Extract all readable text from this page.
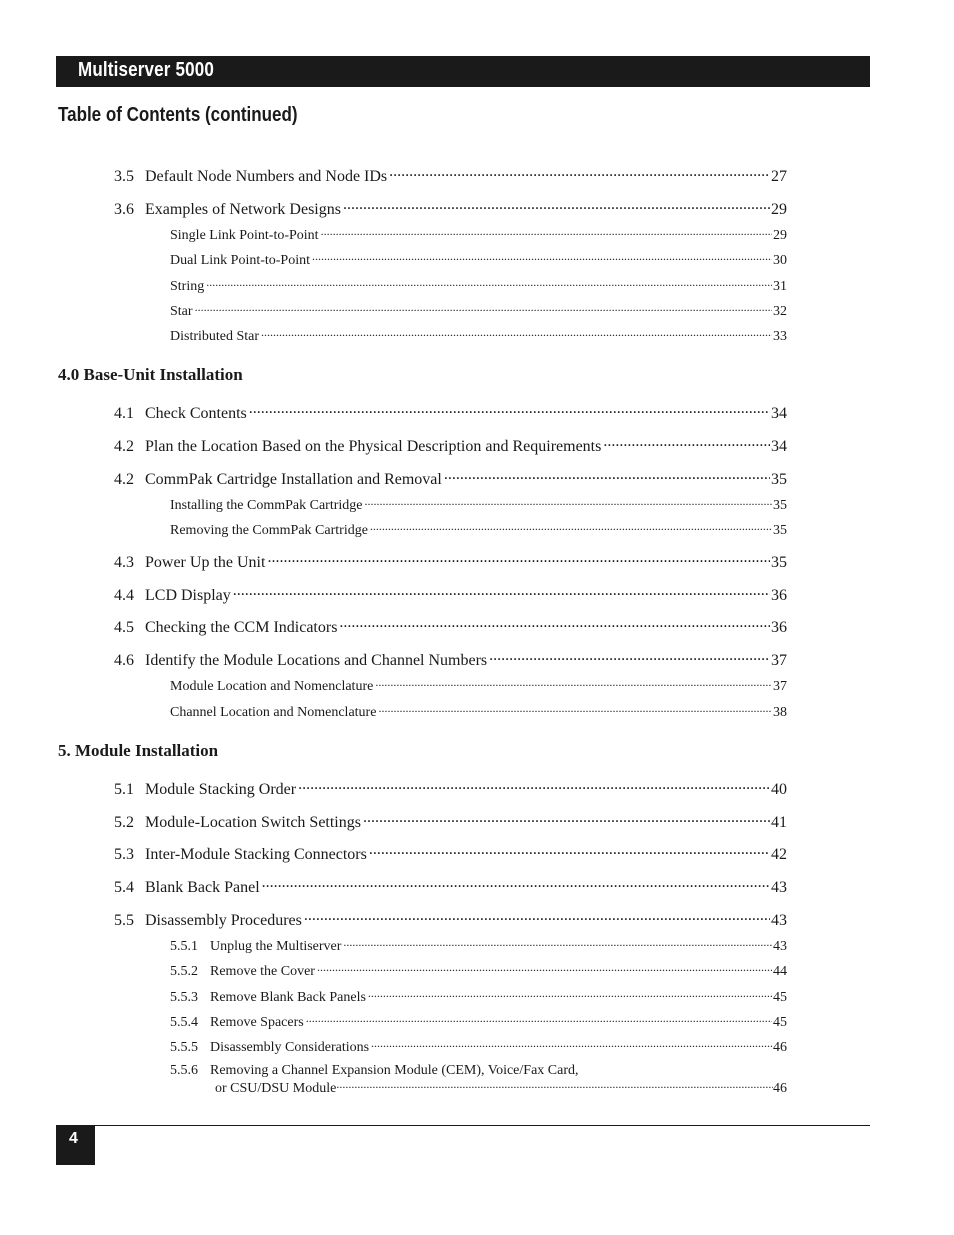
Multiserver 5000
Table of Contents (continued)
3.5 Default Node Numbers and Node IDs .....	27
3.6 Examples of Network Designs .....	29
Single Link Point-to-Point .....	29
Dual Link Point-to-Point .....	30
String .....	31
Star .....	32
Distributed Star .....	33
4.0 Base-Unit Installation
4.1 Check Contents .....	34
4.2 Plan the Location Based on the Physical Description and Requirements .....	34
4.2 CommPak Cartridge Installation and Removal .....	35
Installing the CommPak Cartridge .....	35
Removing the CommPak Cartridge .....	35
4.3 Power Up the Unit .....	35
4.4 LCD Display .....	36
4.5 Checking the CCM Indicators .....	36
4.6 Identify the Module Locations and Channel Numbers .....	37
Module Location and Nomenclature .....	37
Channel Location and Nomenclature .....	38
5. Module Installation
5.1 Module Stacking Order .....	40
5.2 Module-Location Switch Settings .....	41
5.3 Inter-Module Stacking Connectors .....	42
5.4 Blank Back Panel .....	43
5.5 Disassembly Procedures .....	43
5.5.1 Unplug the Multiserver .....	43
5.5.2 Remove the Cover .....	44
5.5.3 Remove Blank Back Panels .....	45
5.5.4 Remove Spacers .....	45
5.5.5 Disassembly Considerations .....	46
5.5.6 Removing a Channel Expansion Module (CEM), Voice/Fax Card,
or CSU/DSU Module .....	46
4
